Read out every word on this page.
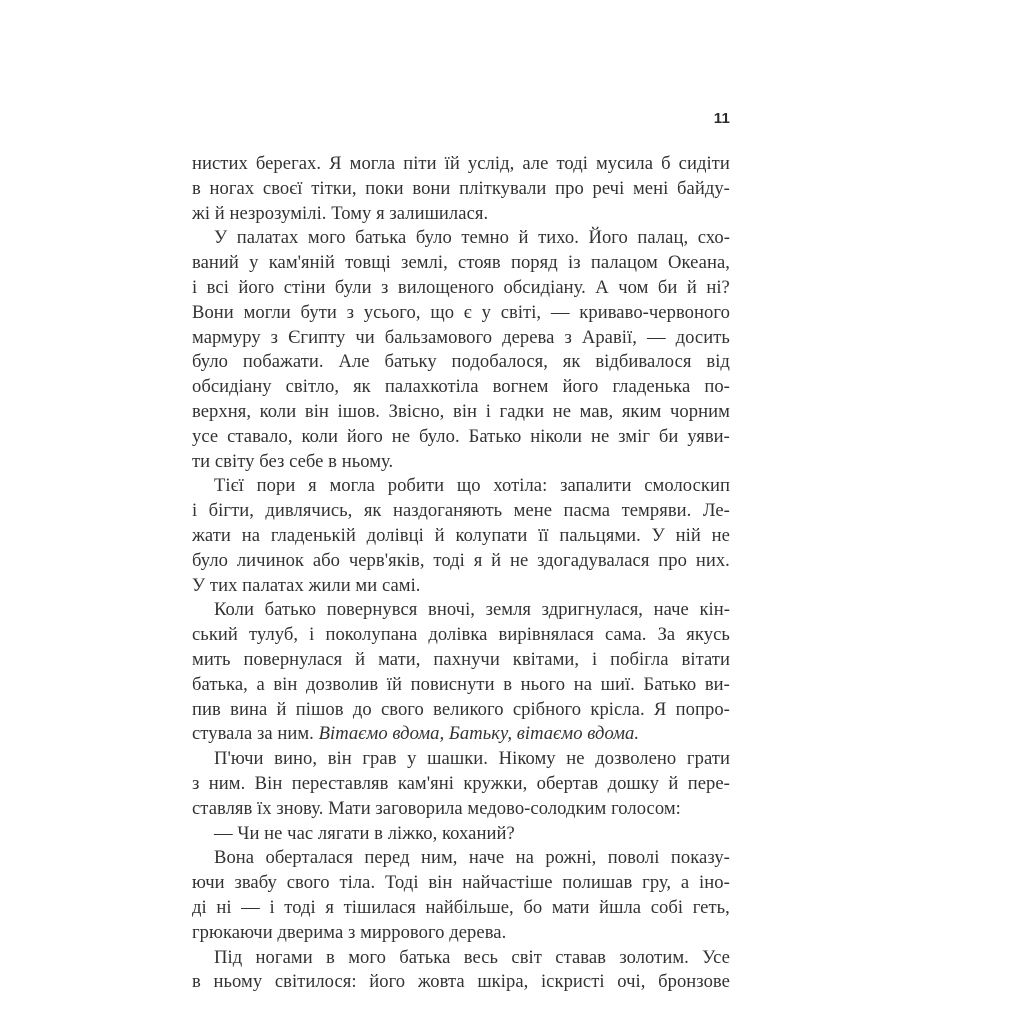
11
нистих берегах. Я могла піти їй услід, але тоді мусила б сидіти
в ногах своєї тітки, поки вони пліткували про речі мені байду-
жі й незрозумілі. Тому я залишилася.
У палатах мого батька було темно й тихо. Його палац, схо-
ваний у кам'яній товщі землі, стояв поряд із палацом Океана,
і всі його стіни були з вилощеного обсидіану. А чом би й ні?
Вони могли бути з усього, що є у світі, — криваво-червоного
мармуру з Єгипту чи бальзамового дерева з Аравії, — досить
було побажати. Але батьку подобалося, як відбивалося від
обсидіану світло, як палахкотіла вогнем його гладенька по-
верхня, коли він ішов. Звісно, він і гадки не мав, яким чорним
усе ставало, коли його не було. Батько ніколи не зміг би уяви-
ти світу без себе в ньому.
Тієї пори я могла робити що хотіла: запалити смолоскип
і бігти, дивлячись, як наздоганяють мене пасма темряви. Ле-
жати на гладенькій долівці й колупати її пальцями. У ній не
було личинок або черв'яків, тоді я й не здогадувалася про них.
У тих палатах жили ми самі.
Коли батько повернувся вночі, земля здригнулася, наче кін-
ський тулуб, і поколупана долівка вирівнялася сама. За якусь
мить повернулася й мати, пахнучи квітами, і побігла вітати
батька, а він дозволив їй повиснути в нього на шиї. Батько ви-
пив вина й пішов до свого великого срібного крісла. Я попро-
стувала за ним. Вітаємо вдома, Батьку, вітаємо вдома.
П'ючи вино, він грав у шашки. Нікому не дозволено грати
з ним. Він переставляв кам'яні кружки, обертав дошку й пере-
ставляв їх знову. Мати заговорила медово-солодким голосом:
— Чи не час лягати в ліжко, коханий?
Вона оберталася перед ним, наче на рожні, поволі показу-
ючи звабу свого тіла. Тоді він найчастіше полишав гру, а іно-
ді ні — і тоді я тішилася найбільше, бо мати йшла собі геть,
грюкаючи дверима з миррового дерева.
Під ногами в мого батька весь світ ставав золотим. Усе
в ньому світилося: його жовта шкіра, іскристі очі, бронзове
